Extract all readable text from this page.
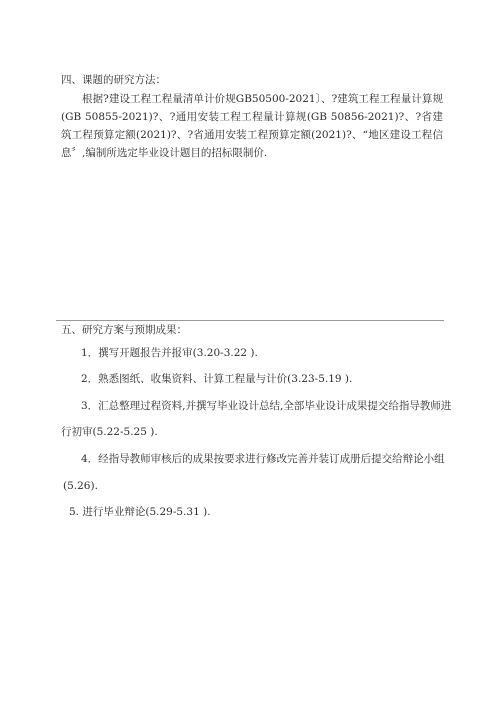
四、课题的研究方法：
根据?建设工程工程量清单计价规GB50500-2021〕、?建筑工程工程量计算规(GB 50855-2021)?、?通用安装工程工程量计算规(GB 50856-2021)?、?省建筑工程预算定额(2021)?、?省通用安装工程预算定额(2021)?、“地区建设工程信息〞,编制所选定毕业设计题目的招标限制价.
五、研究方案与预期成果：
1．撰写开题报告并报审(3.20-3.22 ).
2．熟悉图纸、收集资料、计算工程量与计价(3.23-5.19 ).
3．汇总整理过程资料,并撰写毕业设计总结,全部毕业设计成果提交给指导教师进
行初审(5.22-5.25 ).
4．经指导教师审核后的成果按要求进行修改完善并装订成册后提交给辩论小组
(5.26).
5. 进行毕业辩论(5.29-5.31 ).
